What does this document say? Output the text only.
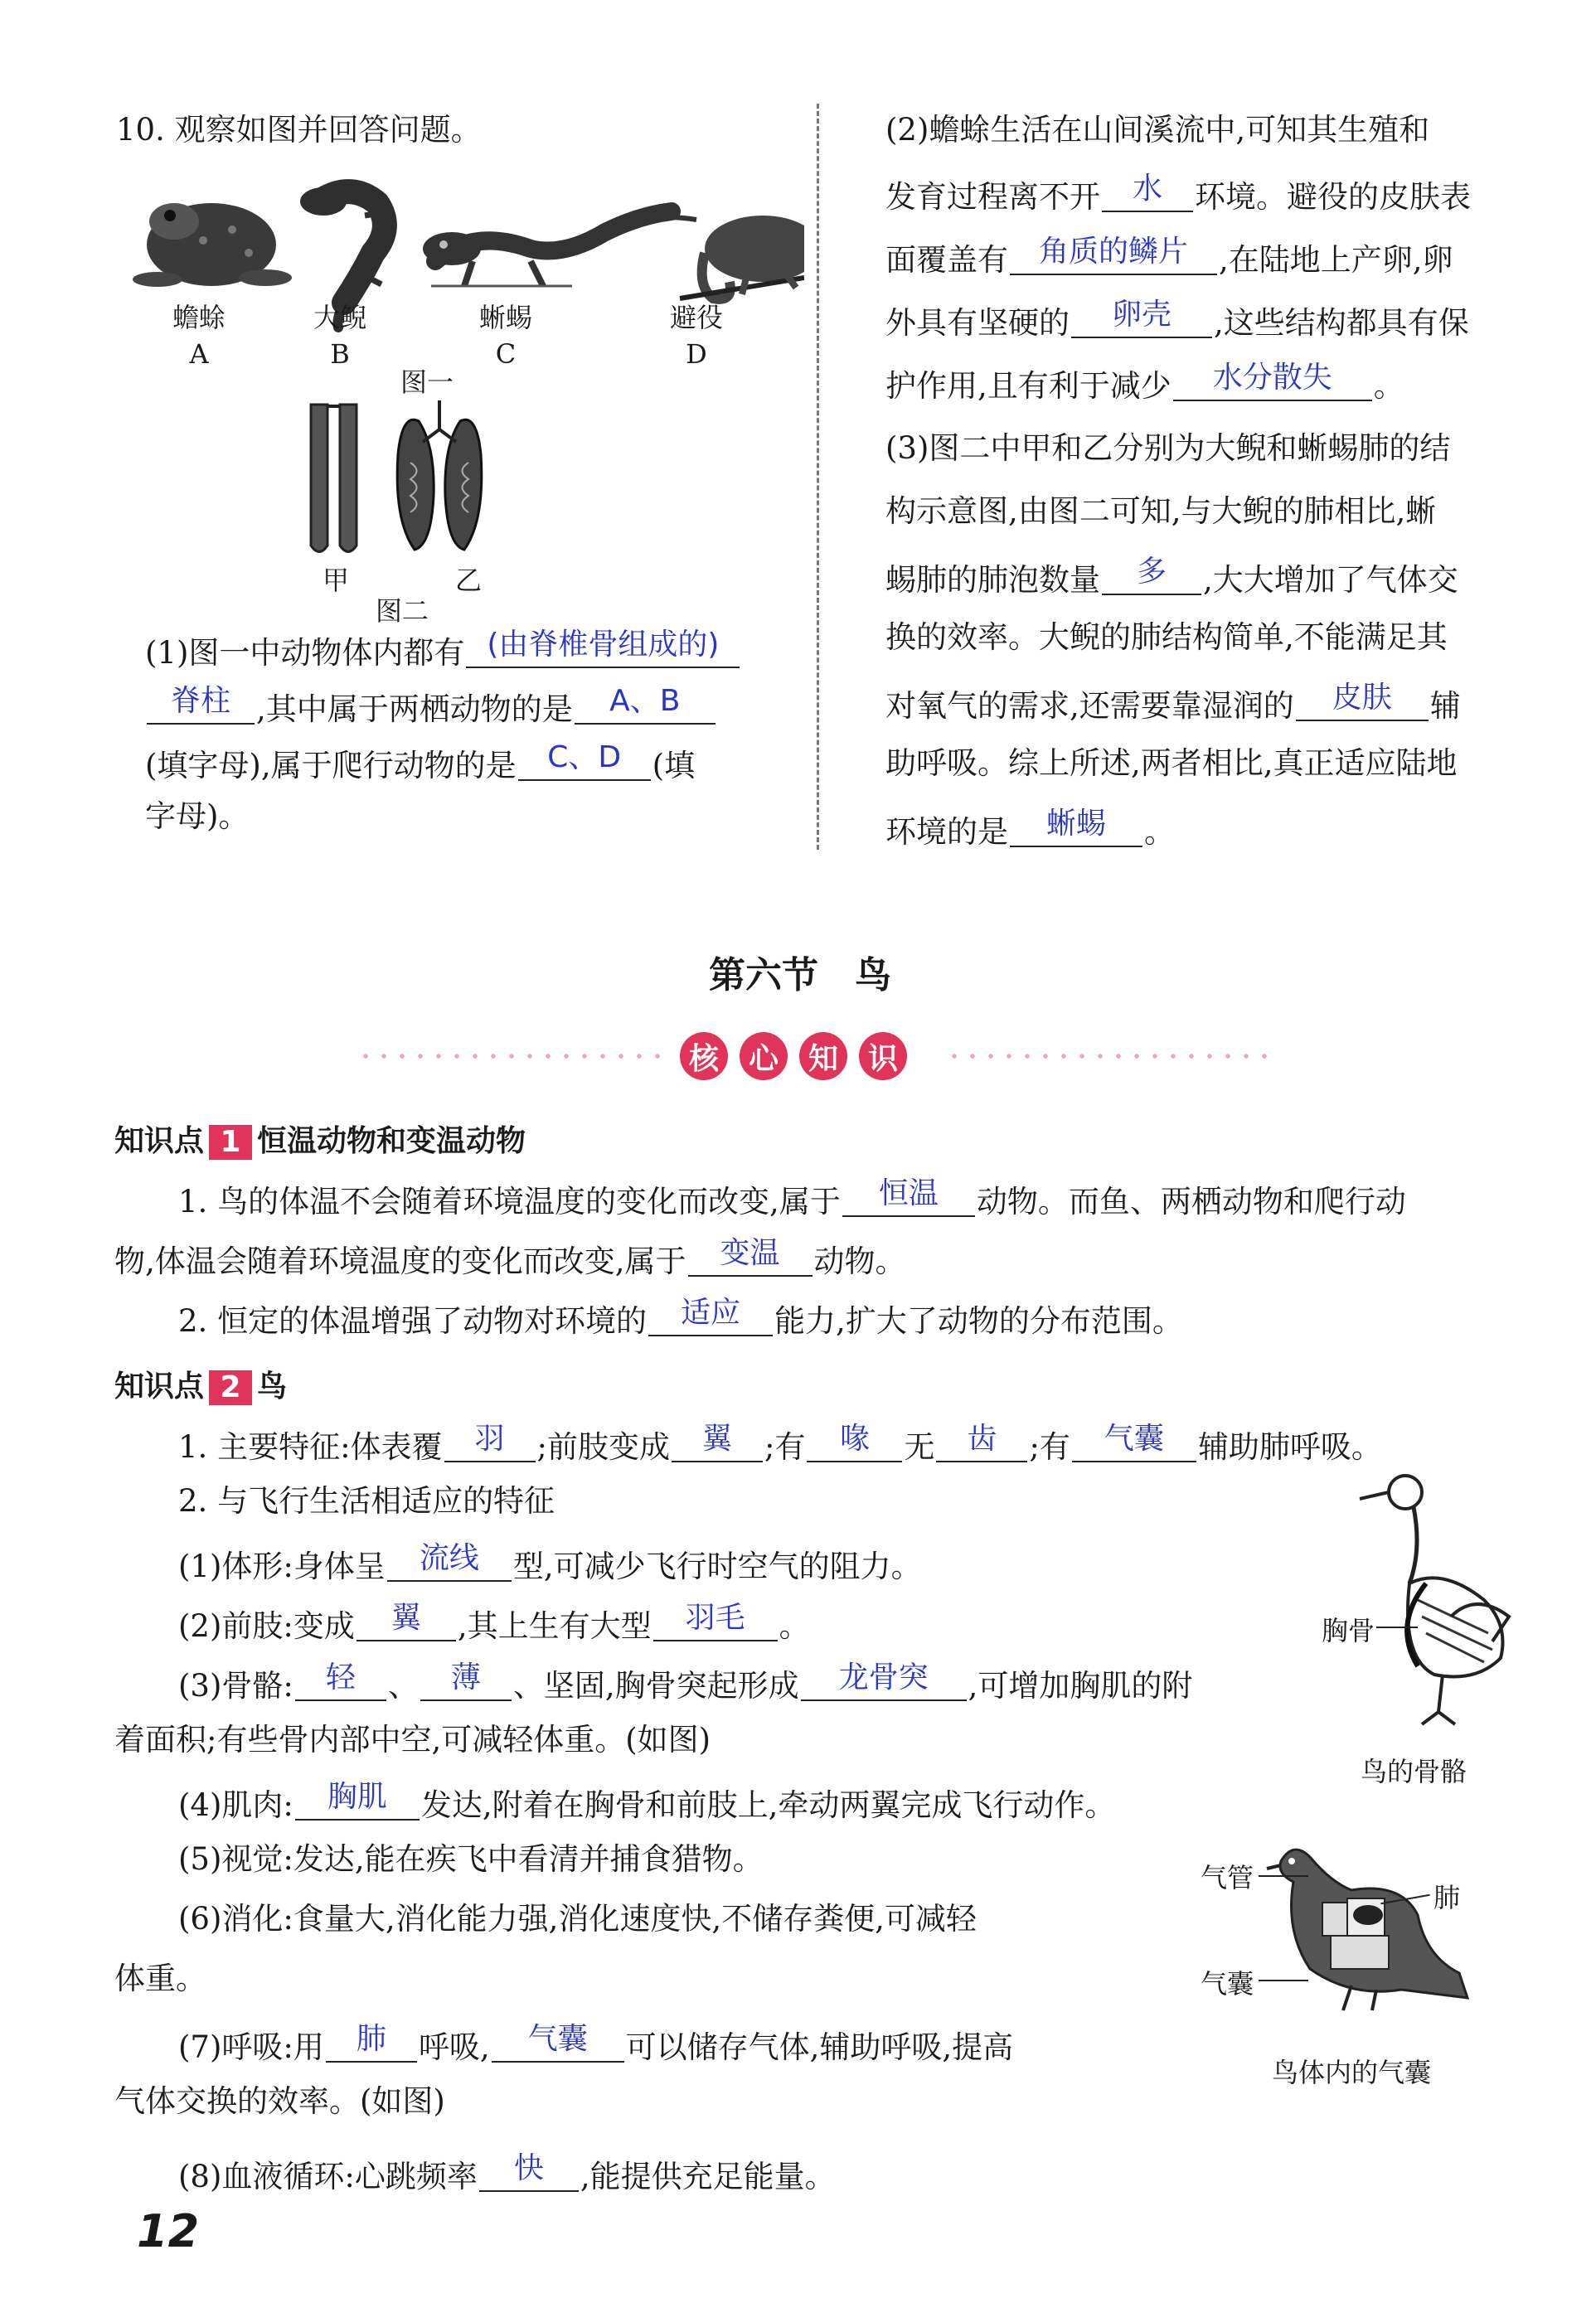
10. 观察如图并回答问题。
蟾蜍
A
大鲵
B
蜥蜴
C
避役
D
图一
甲	乙
图二
(1)图一中动物体内都有 (由脊椎骨组成的)
脊柱 ,其中属于两栖动物的是	A、B
(填字母),属于爬行动物的是	C、D	(填
字母)。
(2)蟾蜍生活在山间溪流中,可知其生殖和
发育过程离不开	水	环境。避役的皮肤表
面覆盖有	角质的鳞片	,在陆地上产卵,卵
外具有坚硬的	卵壳	,这些结构都具有保
护作用,且有利于减少	水分散失	。
(3)图二中甲和乙分别为大鲵和蜥蜴肺的结
构示意图,由图二可知,与大鲵的肺相比,蜥
蜴肺的肺泡数量	多	,大大增加了气体交
换的效率。大鲵的肺结构简单,不能满足其
对氧气的需求,还需要靠湿润的	皮肤	辅
助呼吸。综上所述,两者相比,真正适应陆地
环境的是	蜥蜴	。
第六节　鸟
核 心 知 识
知识点 1 恒温动物和变温动物
1. 鸟的体温不会随着环境温度的变化而改变,属于	恒温	动物。而鱼、两栖动物和爬行动
物,体温会随着环境温度的变化而改变,属于	变温	动物。
2. 恒定的体温增强了动物对环境的	适应	能力,扩大了动物的分布范围。
知识点 2 鸟
1. 主要特征:体表覆	羽	;前肢变成	翼	;有	喙	无	齿	;有	气囊	辅助肺呼吸。
2. 与飞行生活相适应的特征
(1)体形:身体呈	流线	型,可减少飞行时空气的阻力。
(2)前肢:变成	翼	,其上生有大型	羽毛	。
(3)骨骼:	轻	、	薄	、坚固,胸骨突起形成	龙骨突	,可增加胸肌的附
着面积;有些骨内部中空,可减轻体重。(如图)
(4)肌肉:	胸肌	发达,附着在胸骨和前肢上,牵动两翼完成飞行动作。
(5)视觉:发达,能在疾飞中看清并捕食猎物。
(6)消化:食量大,消化能力强,消化速度快,不储存粪便,可减轻
体重。
(7)呼吸:用	肺	呼吸,	气囊	可以储存气体,辅助呼吸,提高
气体交换的效率。(如图)
(8)血液循环:心跳频率	快	,能提供充足能量。
胸骨
鸟的骨骼
气管
肺
气囊
鸟体内的气囊
12
